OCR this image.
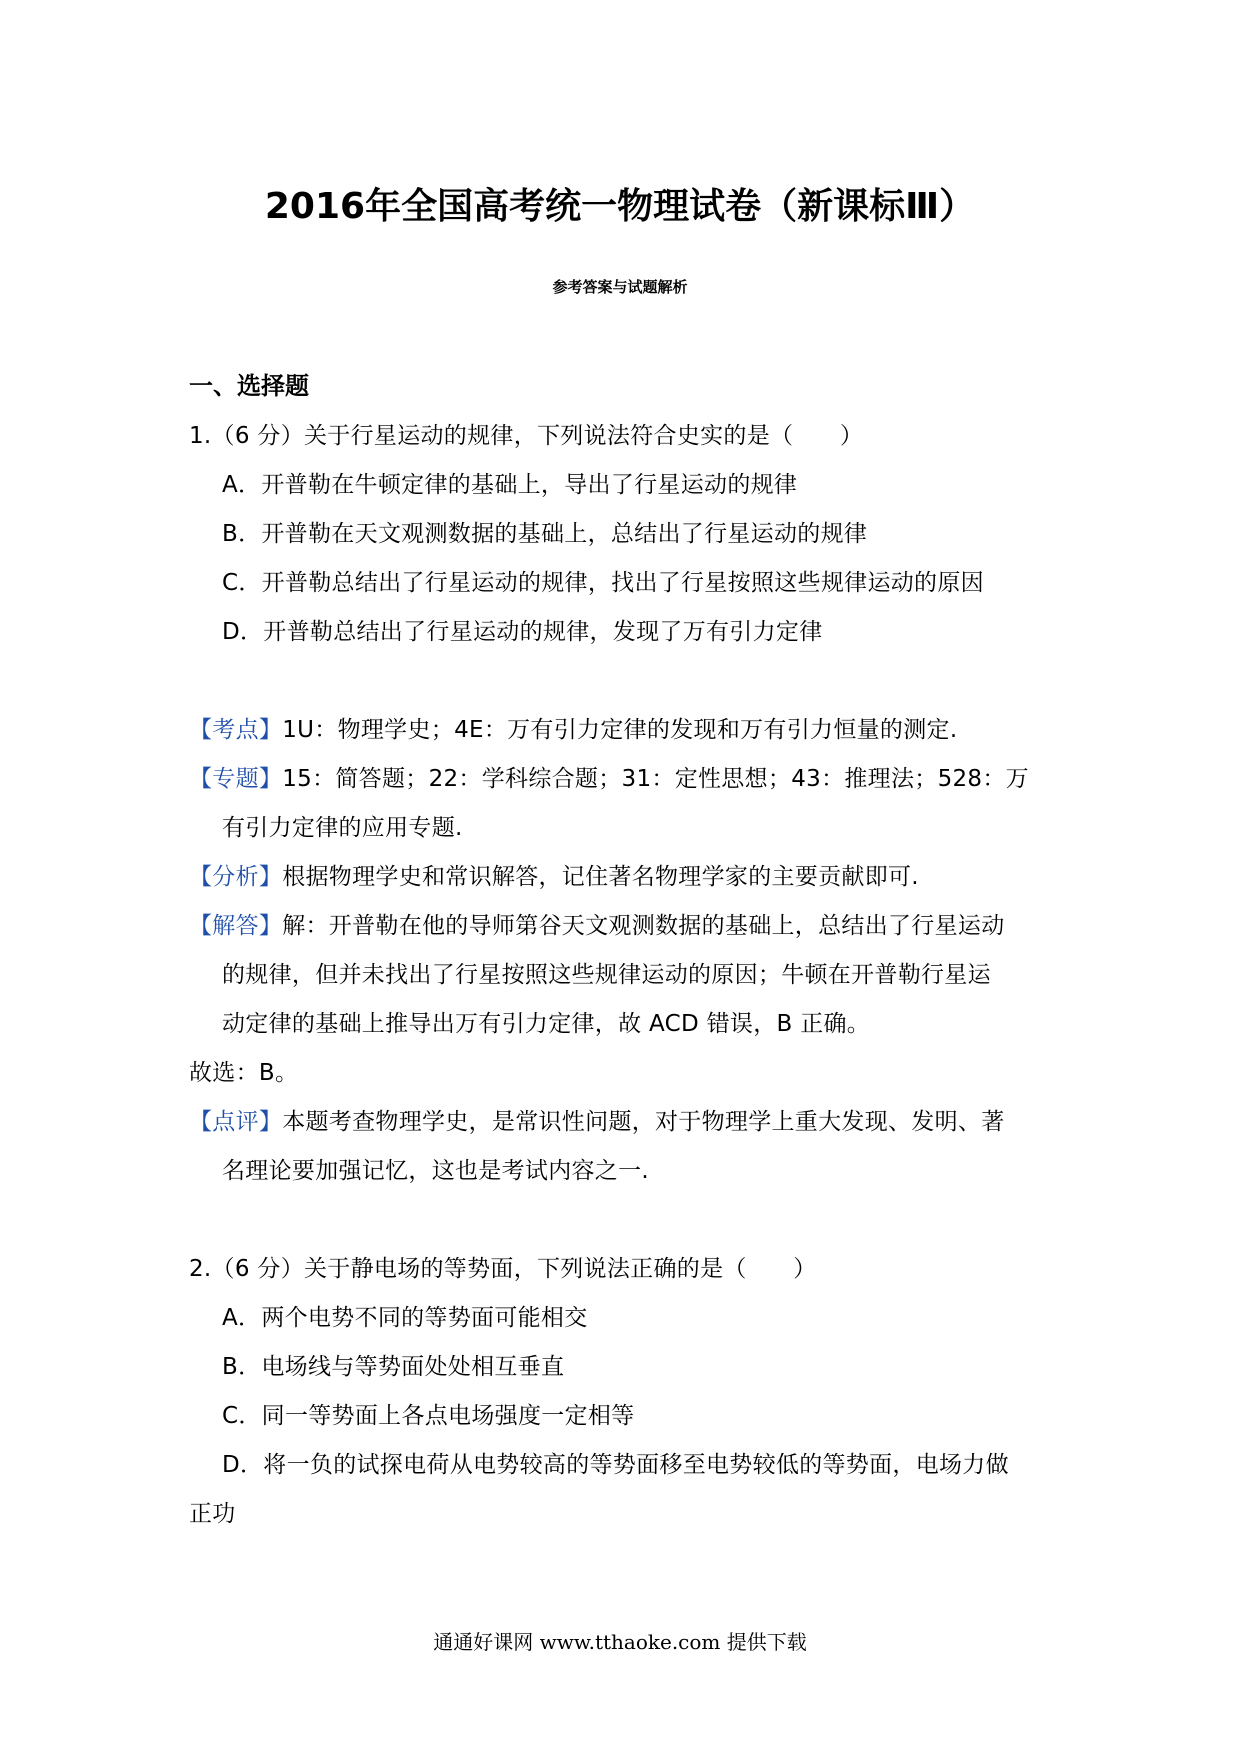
2016年全国高考统一物理试卷（新课标Ⅲ）
参考答案与试题解析
一、选择题
1.（6 分）关于行星运动的规律，下列说法符合史实的是（　　）
A．开普勒在牛顿定律的基础上，导出了行星运动的规律
B．开普勒在天文观测数据的基础上，总结出了行星运动的规律
C．开普勒总结出了行星运动的规律，找出了行星按照这些规律运动的原因
D．开普勒总结出了行星运动的规律，发现了万有引力定律
【考点】1U：物理学史；4E：万有引力定律的发现和万有引力恒量的测定.
【专题】15：简答题；22：学科综合题；31：定性思想；43：推理法；528：万
有引力定律的应用专题.
【分析】根据物理学史和常识解答，记住著名物理学家的主要贡献即可.
【解答】解：开普勒在他的导师第谷天文观测数据的基础上，总结出了行星运动
的规律，但并未找出了行星按照这些规律运动的原因；牛顿在开普勒行星运
动定律的基础上推导出万有引力定律，故 ACD 错误，B 正确。
故选：B。
【点评】本题考查物理学史，是常识性问题，对于物理学上重大发现、发明、著
名理论要加强记忆，这也是考试内容之一.
2.（6 分）关于静电场的等势面，下列说法正确的是（　　）
A．两个电势不同的等势面可能相交
B．电场线与等势面处处相互垂直
C．同一等势面上各点电场强度一定相等
D．将一负的试探电荷从电势较高的等势面移至电势较低的等势面，电场力做
正功
通通好课网 www.tthaoke.com 提供下载
